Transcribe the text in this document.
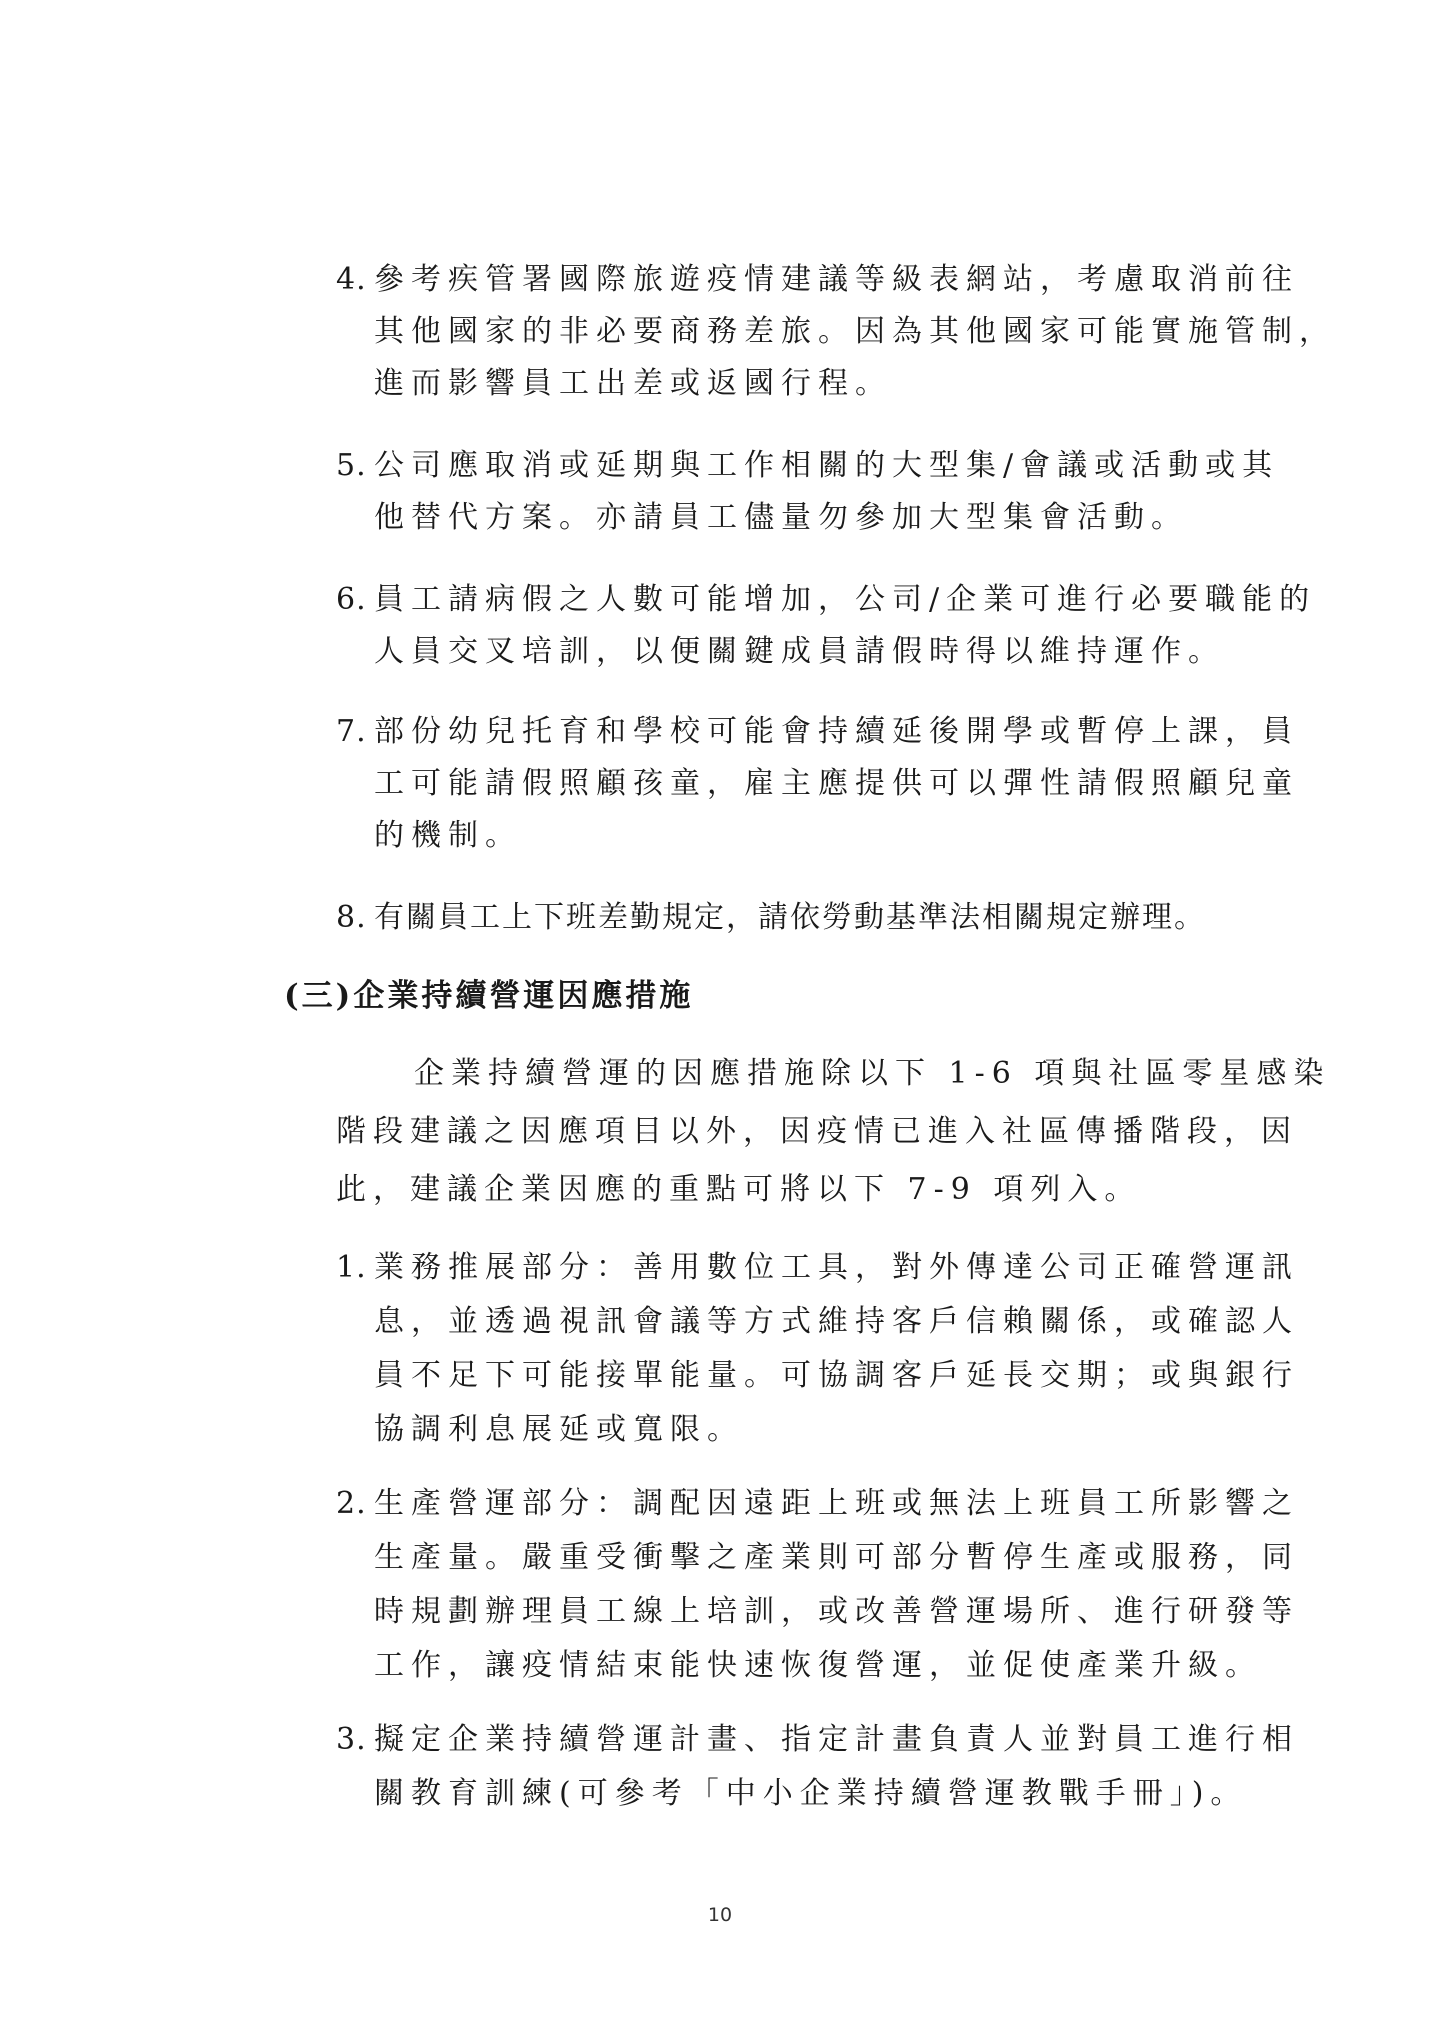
4. 參考疾管署國際旅遊疫情建議等級表網站，考慮取消前往
其他國家的非必要商務差旅。因為其他國家可能實施管制，
進而影響員工出差或返國行程。
5. 公司應取消或延期與工作相關的大型集/會議或活動或其
他替代方案。亦請員工儘量勿參加大型集會活動。
6. 員工請病假之人數可能增加，公司/企業可進行必要職能的
人員交叉培訓，以便關鍵成員請假時得以維持運作。
7. 部份幼兒托育和學校可能會持續延後開學或暫停上課，員
工可能請假照顧孩童，雇主應提供可以彈性請假照顧兒童
的機制。
8. 有關員工上下班差勤規定，請依勞動基準法相關規定辦理。
(三)企業持續營運因應措施
企業持續營運的因應措施除以下 1-6 項與社區零星感染
階段建議之因應項目以外，因疫情已進入社區傳播階段，因
此，建議企業因應的重點可將以下 7-9 項列入。
1. 業務推展部分：善用數位工具，對外傳達公司正確營運訊
息，並透過視訊會議等方式維持客戶信賴關係，或確認人
員不足下可能接單能量。可協調客戶延長交期；或與銀行
協調利息展延或寬限。
2. 生產營運部分：調配因遠距上班或無法上班員工所影響之
生產量。嚴重受衝擊之產業則可部分暫停生產或服務，同
時規劃辦理員工線上培訓，或改善營運場所、進行研發等
工作，讓疫情結束能快速恢復營運，並促使產業升級。
3. 擬定企業持續營運計畫、指定計畫負責人並對員工進行相
關教育訓練(可參考「中小企業持續營運教戰手冊」)。
10
